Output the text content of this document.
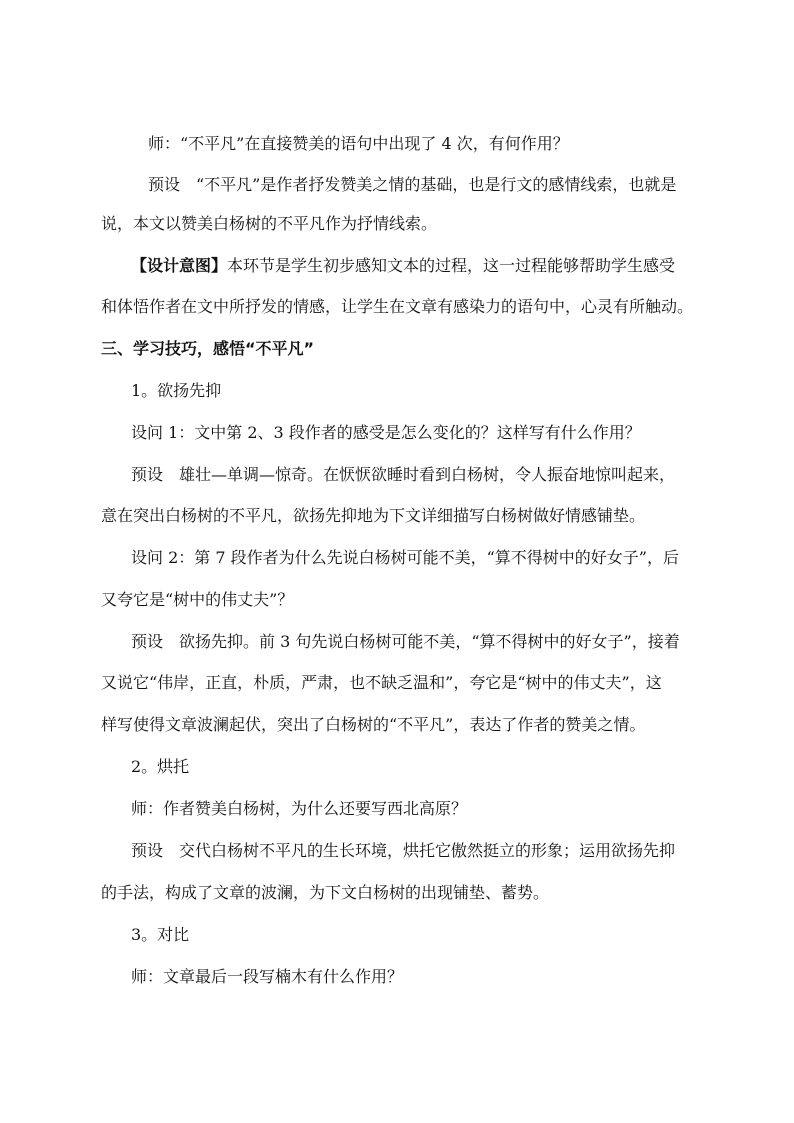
师：“不平凡”在直接赞美的语句中出现了 4 次，有何作用？
预设　“不平凡”是作者抒发赞美之情的基础，也是行文的感情线索，也就是
说，本文以赞美白杨树的不平凡作为抒情线索。
【设计意图】本环节是学生初步感知文本的过程，这一过程能够帮助学生感受
和体悟作者在文中所抒发的情感，让学生在文章有感染力的语句中，心灵有所触动。
三、学习技巧，感悟“不平凡”
1。欲扬先抑
设问 1：文中第 2、3 段作者的感受是怎么变化的？这样写有什么作用？
预设　雄壮—单调—惊奇。在恹恹欲睡时看到白杨树，令人振奋地惊叫起来，
意在突出白杨树的不平凡，欲扬先抑地为下文详细描写白杨树做好情感铺垫。
设问 2：第 7 段作者为什么先说白杨树可能不美，“算不得树中的好女子”，后
又夸它是“树中的伟丈夫”？
预设　欲扬先抑。前 3 句先说白杨树可能不美，“算不得树中的好女子”，接着
又说它“伟岸，正直，朴质，严肃，也不缺乏温和”，夸它是“树中的伟丈夫”，这
样写使得文章波澜起伏，突出了白杨树的“不平凡”，表达了作者的赞美之情。
2。烘托
师：作者赞美白杨树，为什么还要写西北高原？
预设　交代白杨树不平凡的生长环境，烘托它傲然挺立的形象；运用欲扬先抑
的手法，构成了文章的波澜，为下文白杨树的出现铺垫、蓄势。
3。对比
师：文章最后一段写楠木有什么作用？
